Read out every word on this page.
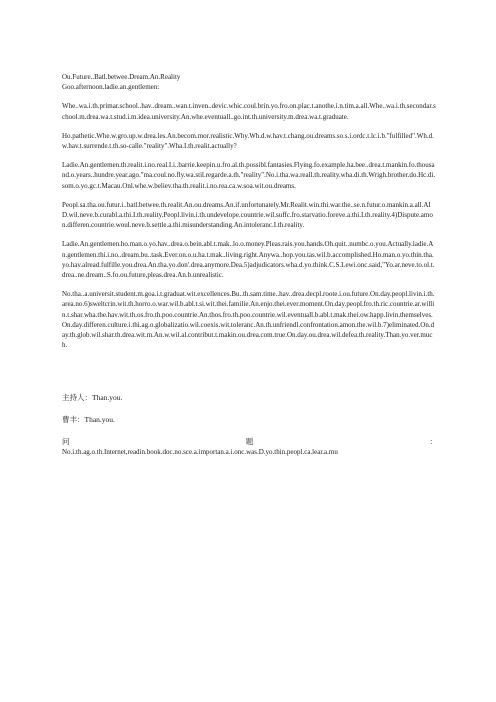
Ou.Future..Batl.betwee.Dream.An.Reality

Goo.afternoon.ladie.an.gentlemen:

Whe..wa.i.th.primar.school..hav..dream..wan.t.inven..devic.whic.coul.brin.yo.fro.on.plac.t.anothe.i.n.tim.a.all.Whe..wa.i.th.secondar.school.m.drea.wa.t.stud.i.m.idea.university.An.whe.eventuall..go.int.th.university.m.drea.wa.t.graduate.

Ho.pathetic.Whe.w.gro.up.w.drea.les.An.becom.mor.realistic.Why.Wh.d.w.hav.t.chang.ou.dreams.so.s.i.ordc.t.lc.i.b."fulfilled".Wh.d.w.hav.t.surrende.t.th.so-calle."reality".Wha.I.th.realit.actually?

Ladie.An.gentlemen.th.realit.i.no.real.I.i..barrie.keepin.u.fro.al.th.possibl.fantasies.Flying.fo.example.ha.bee..drea.t.mankin.fo.thousand.o.years..hundre.year.ago."ma.coul.no.fly.wa.stil.regarde.a.th."reality".No.i.tha.wa.reall.th.reality.wha.di.th.Wrigh.brother.do.Hc.di.som.o.yo.gc.t.Macau.Onl.whe.w.believ.tha.th.realit.i.no.rea.ca.w.soa.wit.ou.dreams.

Peopl.sa.tha.ou.futur.i..batl.betwee.th.realit.An.ou.dreams.An.if.unfortunately.Mr.Realit.win.thi.war.the..se.n.futur.o.mankin.a.all.AID.wil.neve.b.curabl.a.thi.I.th.reality.Peopl.livin.i.th.undevelope.countrie.wil.suffc.fro.starvatio.foreve.a.thi.I.th.reality.4)Dispute.amon.differen.countrie.woul.neve.b.settle.a.thi.misunderstanding.An.intoleranc.I.th.reality.

Ladie.An.gentlemen.ho.man.o.yo.hav..drea.o.bein.abl.t.mak..lo.o.money.Pleas.rais.you.hands.Oh.quit..numbc.o.you.Actually.ladie.An.gentlemen.thi.i.no..dream.bu..task.Ever.on.o.u.ha.t.mak..living.right.Anywa..hop.you.tas.wil.b.accomplished.Ho.man.o.yo.thin.tha.yo.hav.alread.fulfille.you.drea.An.tha.yo.don'.drea.anymore.Dea.5)adjudicators.wha.d.yo.think.C.S.Lewi.onc.said,"Yo.ar.neve.to.ol.t.drea..ne.dream..S.fo.ou.future,pleas.drea.An.b.unrealistic.

No.tha..a.universit.student.m.goa.i.t.graduat.wit.excellences.Bu..th.sam.time..hav..drea.decpl.roote.i.ou.future.On.day.peopl.livin.i.th.area.no.6)sweltcrin.wit.th.horro.o.war.wil.b.abl.t.si.wit.thei.familie.An.enjo.thei.ever.moment.On.day.peopl.fro.th.ric.countrie.ar.willin.t.shar.wha.the.hav.wit.th.os.fro.th.poo.countrie.An.thos.fro.th.poo.countrie.wil.eventuall.b.abl.t.mak.thei.ow.happ.livin.themselves.On.day.differen.culture.i.thi.ag.o.globalizatio.wil.coexis.wit.toleranc.An.th.unfriendl.confrontation.amon.the.wil.b.7)eliminated.On.day.th.glob.wil.shar.th.drea.wit.m.An.w.wil.al.contribut.t.makin.ou.drea.com.true.On.day.ou.drea.wil.defea.th.reality.Than.yo.ver.much.

主持人：Than.you.

曹丰：Than.you.

问	题	：

No.i.th.ag.o.th.Internet,readin.book.doc.no.sce.a.importan.a.i.onc.was.D.yo.thin.peopl.ca.lear.a.mu
